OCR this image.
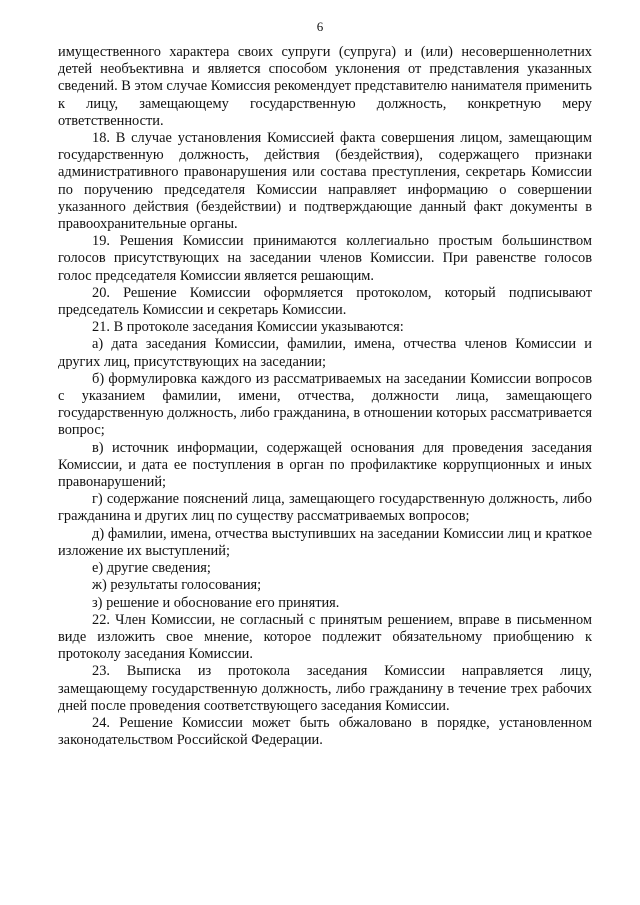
6

имущественного характера своих супруги (супруга) и (или) несовершеннолетних детей необъективна и является способом уклонения от представления указанных сведений. В этом случае Комиссия рекомендует представителю нанимателя применить к лицу, замещающему государственную должность, конкретную меру ответственности.

18. В случае установления Комиссией факта совершения лицом, замещающим государственную должность, действия (бездействия), содержащего признаки административного правонарушения или состава преступления, секретарь Комиссии по поручению председателя Комиссии направляет информацию о совершении указанного действия (бездействии) и подтверждающие данный факт документы в правоохранительные органы.

19. Решения Комиссии принимаются коллегиально простым большинством голосов присутствующих на заседании членов Комиссии. При равенстве голосов голос председателя Комиссии является решающим.

20. Решение Комиссии оформляется протоколом, который подписывают председатель Комиссии и секретарь Комиссии.

21. В протоколе заседания Комиссии указываются:

а) дата заседания Комиссии, фамилии, имена, отчества членов Комиссии и других лиц, присутствующих на заседании;

б) формулировка каждого из рассматриваемых на заседании Комиссии вопросов с указанием фамилии, имени, отчества, должности лица, замещающего государственную должность, либо гражданина, в отношении которых рассматривается вопрос;

в) источник информации, содержащей основания для проведения заседания Комиссии, и дата ее поступления в орган по профилактике коррупционных и иных правонарушений;

г) содержание пояснений лица, замещающего государственную должность, либо гражданина и других лиц по существу рассматриваемых вопросов;

д) фамилии, имена, отчества выступивших на заседании Комиссии лиц и краткое изложение их выступлений;

е) другие сведения;

ж) результаты голосования;

з) решение и обоснование его принятия.

22. Член Комиссии, не согласный с принятым решением, вправе в письменном виде изложить свое мнение, которое подлежит обязательному приобщению к протоколу заседания Комиссии.

23. Выписка из протокола заседания Комиссии направляется лицу, замещающему государственную должность, либо гражданину в течение трех рабочих дней после проведения соответствующего заседания Комиссии.

24. Решение Комиссии может быть обжаловано в порядке, установленном законодательством Российской Федерации.
